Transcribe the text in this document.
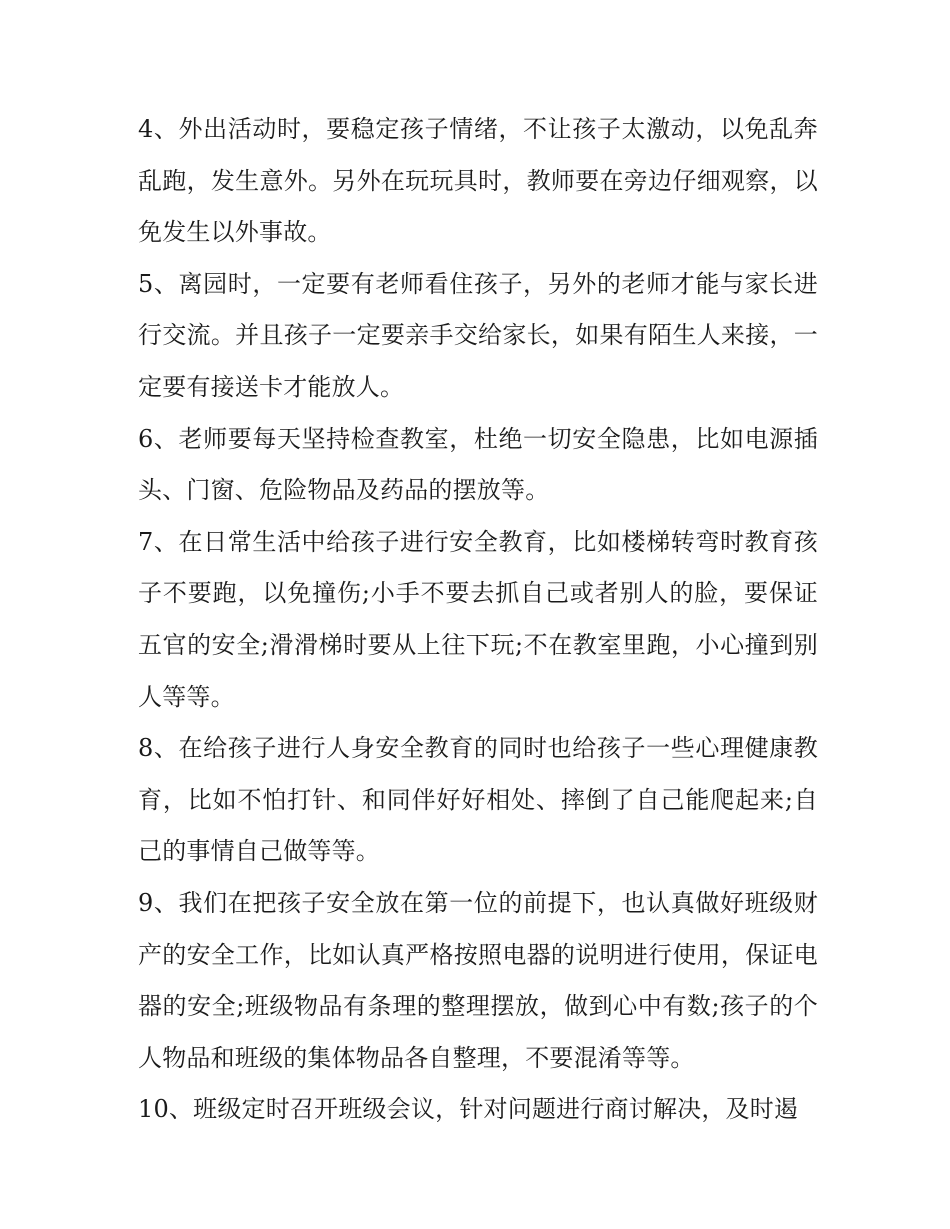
4、外出活动时，要稳定孩子情绪，不让孩子太激动，以免乱奔乱跑，发生意外。另外在玩玩具时，教师要在旁边仔细观察，以免发生以外事故。

5、离园时，一定要有老师看住孩子，另外的老师才能与家长进行交流。并且孩子一定要亲手交给家长，如果有陌生人来接，一定要有接送卡才能放人。

6、老师要每天坚持检查教室，杜绝一切安全隐患，比如电源插头、门窗、危险物品及药品的摆放等。

7、在日常生活中给孩子进行安全教育，比如楼梯转弯时教育孩子不要跑，以免撞伤;小手不要去抓自己或者别人的脸，要保证五官的安全;滑滑梯时要从上往下玩;不在教室里跑，小心撞到别人等等。

8、在给孩子进行人身安全教育的同时也给孩子一些心理健康教育，比如不怕打针、和同伴好好相处、摔倒了自己能爬起来;自己的事情自己做等等。

9、我们在把孩子安全放在第一位的前提下，也认真做好班级财产的安全工作，比如认真严格按照电器的说明进行使用，保证电器的安全;班级物品有条理的整理摆放，做到心中有数;孩子的个人物品和班级的集体物品各自整理，不要混淆等等。

10、班级定时召开班级会议，针对问题进行商讨解决，及时遏
